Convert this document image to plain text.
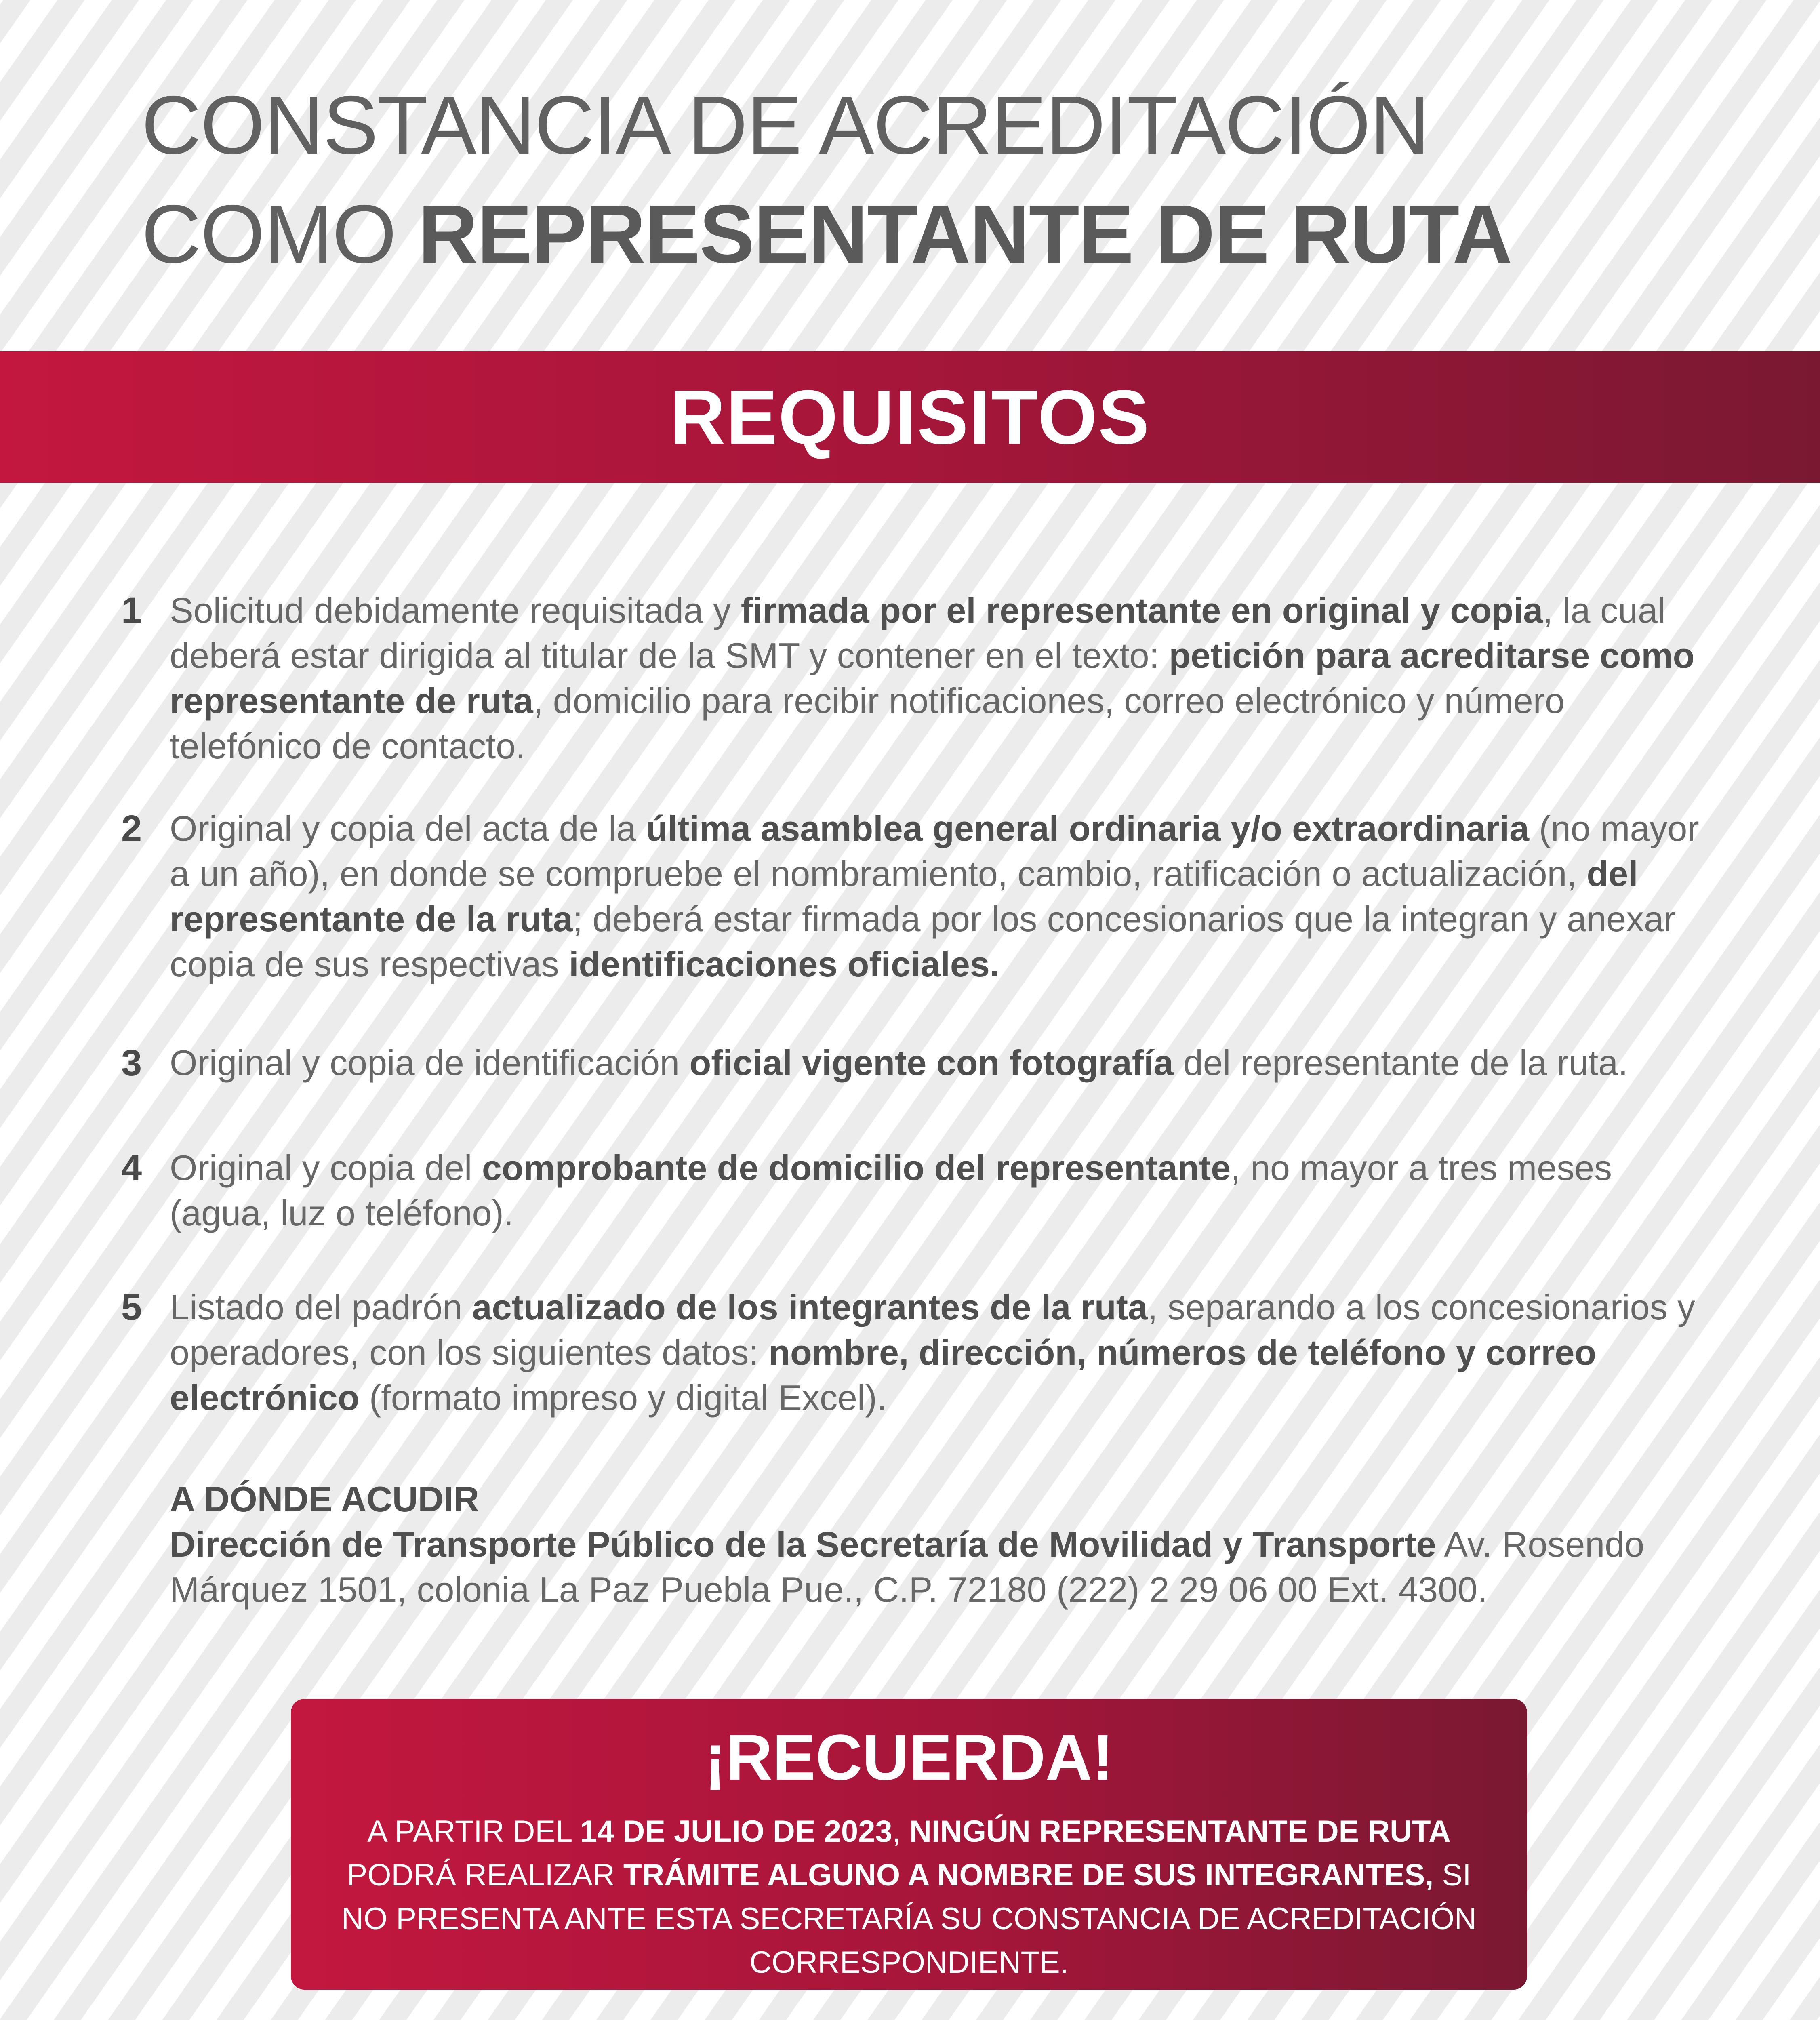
CONSTANCIA DE ACREDITACIÓN
COMO REPRESENTANTE DE RUTA
REQUISITOS
1 Solicitud debidamente requisitada y firmada por el representante en original y copia, la cual deberá estar dirigida al titular de la SMT y contener en el texto: petición para acreditarse como representante de ruta, domicilio para recibir notificaciones, correo electrónico y número telefónico de contacto.
2 Original y copia del acta de la última asamblea general ordinaria y/o extraordinaria (no mayor a un año), en donde se compruebe el nombramiento, cambio, ratificación o actualización, del representante de la ruta; deberá estar firmada por los concesionarios que la integran y anexar copia de sus respectivas identificaciones oficiales.
3 Original y copia de identificación oficial vigente con fotografía del representante de la ruta.
4 Original y copia del comprobante de domicilio del representante, no mayor a tres meses (agua, luz o teléfono).
5 Listado del padrón actualizado de los integrantes de la ruta, separando a los concesionarios y operadores, con los siguientes datos: nombre, dirección, números de teléfono y correo electrónico (formato impreso y digital Excel).
A DÓNDE ACUDIR
Dirección de Transporte Público de la Secretaría de Movilidad y Transporte Av. Rosendo Márquez 1501, colonia La Paz Puebla Pue., C.P. 72180 (222) 2 29 06 00 Ext. 4300.
¡RECUERDA!
A PARTIR DEL 14 DE JULIO DE 2023, NINGÚN REPRESENTANTE DE RUTA PODRÁ REALIZAR TRÁMITE ALGUNO A NOMBRE DE SUS INTEGRANTES, SI NO PRESENTA ANTE ESTA SECRETARÍA SU CONSTANCIA DE ACREDITACIÓN CORRESPONDIENTE.
